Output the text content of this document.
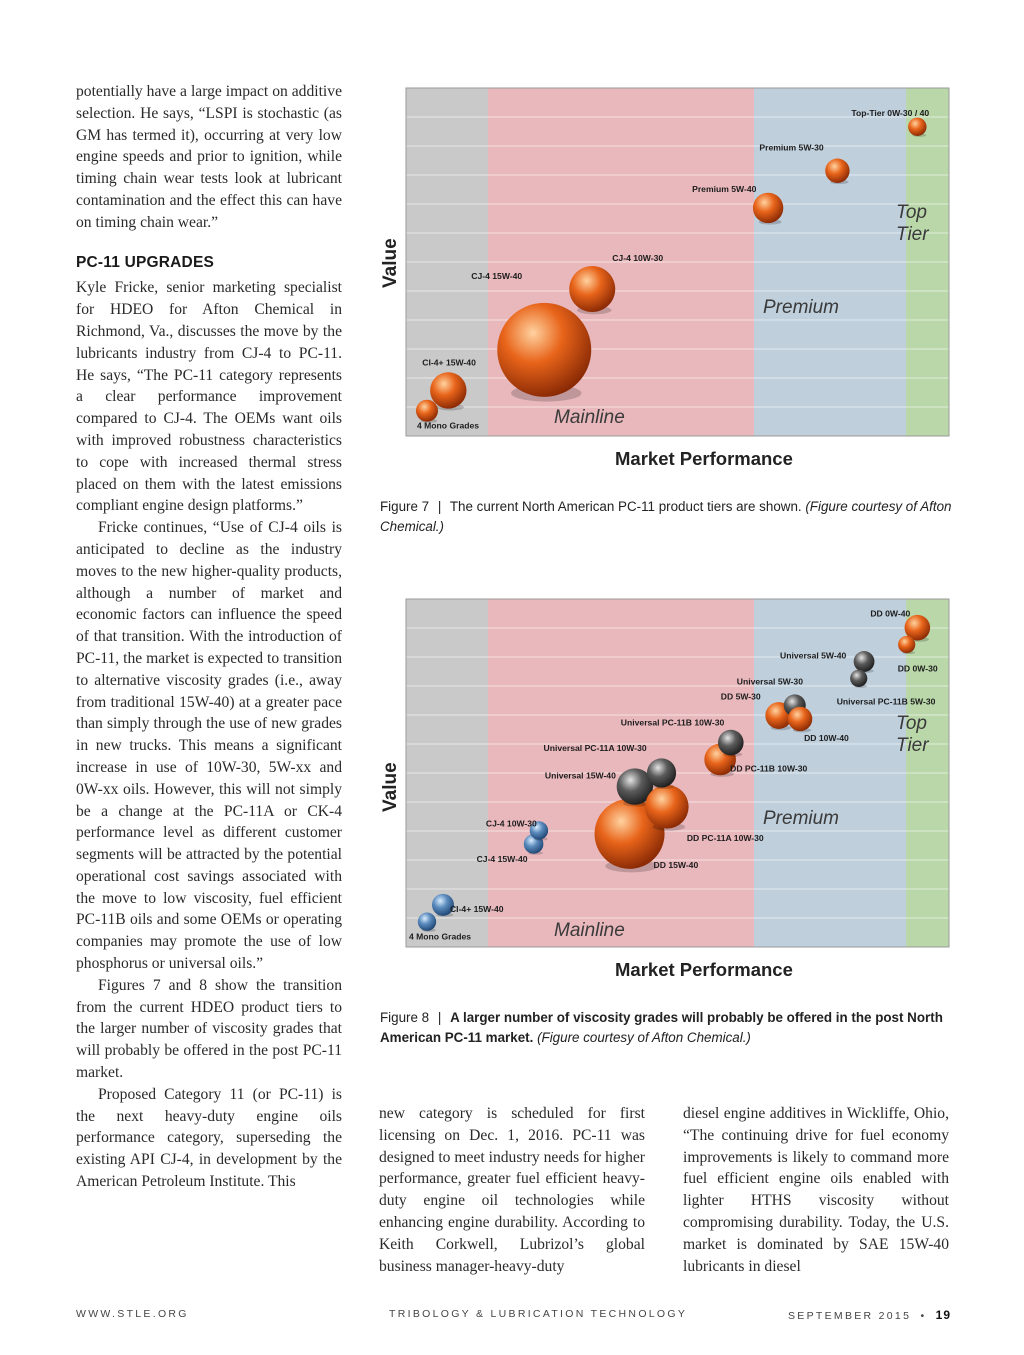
potentially have a large impact on additive selection. He says, “LSPI is stochastic (as GM has termed it), occurring at very low engine speeds and prior to ignition, while timing chain wear tests look at lubricant contamination and the effect this can have on timing chain wear.”

PC-11 UPGRADES

Kyle Fricke, senior marketing specialist for HDEO for Afton Chemical in Richmond, Va., discusses the move by the lubricants industry from CJ-4 to PC-11. He says, “The PC-11 category represents a clear performance improvement compared to CJ-4. The OEMs want oils with improved robustness characteristics to cope with increased thermal stress placed on them with the latest emissions compliant engine design platforms.”

Fricke continues, “Use of CJ-4 oils is anticipated to decline as the industry moves to the new higher-quality products, although a number of market and economic factors can influence the speed of that transition. With the introduction of PC-11, the market is expected to transition to alternative viscosity grades (i.e., away from traditional 15W-40) at a greater pace than simply through the use of new grades in new trucks. This means a significant increase in use of 10W-30, 5W-xx and 0W-xx oils. However, this will not simply be a change at the PC-11A or CK-4 performance level as different customer segments will be attracted by the potential operational cost savings associated with the move to low viscosity, fuel efficient PC-11B oils and some OEMs or operating companies may promote the use of low phosphorus or universal oils.”

Figures 7 and 8 show the transition from the current HDEO product tiers to the larger number of viscosity grades that will probably be offered in the post PC-11 market.

Proposed Category 11 (or PC-11) is the next heavy-duty engine oils performance category, superseding the existing API CJ-4, in development by the American Petroleum Institute. This

Mainline
Premium
Top
Tier
Market Performance
Value
4 Mono Grades
CI-4+ 15W-40
CJ-4 15W-40
CJ-4 10W-30
Premium 5W-40
Premium 5W-30
Top-Tier 0W-30 / 40
Figure 7 | The current North American PC-11 product tiers are shown. (Figure courtesy of Afton Chemical.)
Mainline
Premium
Top
Tier
Market Performance
Value
4 Mono Grades
CI-4+ 15W-40
CJ-4 15W-40
CJ-4 10W-30
DD 15W-40
Universal 15W-40
DD PC-11A 10W-30
Universal PC-11A 10W-30
DD PC-11B 10W-30
Universal PC-11B 10W-30
DD 5W-30
Universal 5W-30
DD 10W-40
Universal 5W-40
Universal PC-11B 5W-30
DD 0W-40
DD 0W-30
Figure 8 | A larger number of viscosity grades will probably be offered in the post North American PC-11 market. (Figure courtesy of Afton Chemical.)

new category is scheduled for first licensing on Dec. 1, 2016. PC-11 was designed to meet industry needs for higher performance, greater fuel efficient heavy-duty engine oil technologies while enhancing engine durability. According to Keith Corkwell, Lubrizol’s global business manager-heavy-duty

diesel engine additives in Wickliffe, Ohio, “The continuing drive for fuel economy improvements is likely to command more fuel efficient engine oils enabled with lighter HTHS viscosity without compromising durability. Today, the U.S. market is dominated by SAE 15W-40 lubricants in diesel

WWW.STLE.ORG	TRIBOLOGY & LUBRICATION TECHNOLOGY	SEPTEMBER 2015 • 19
